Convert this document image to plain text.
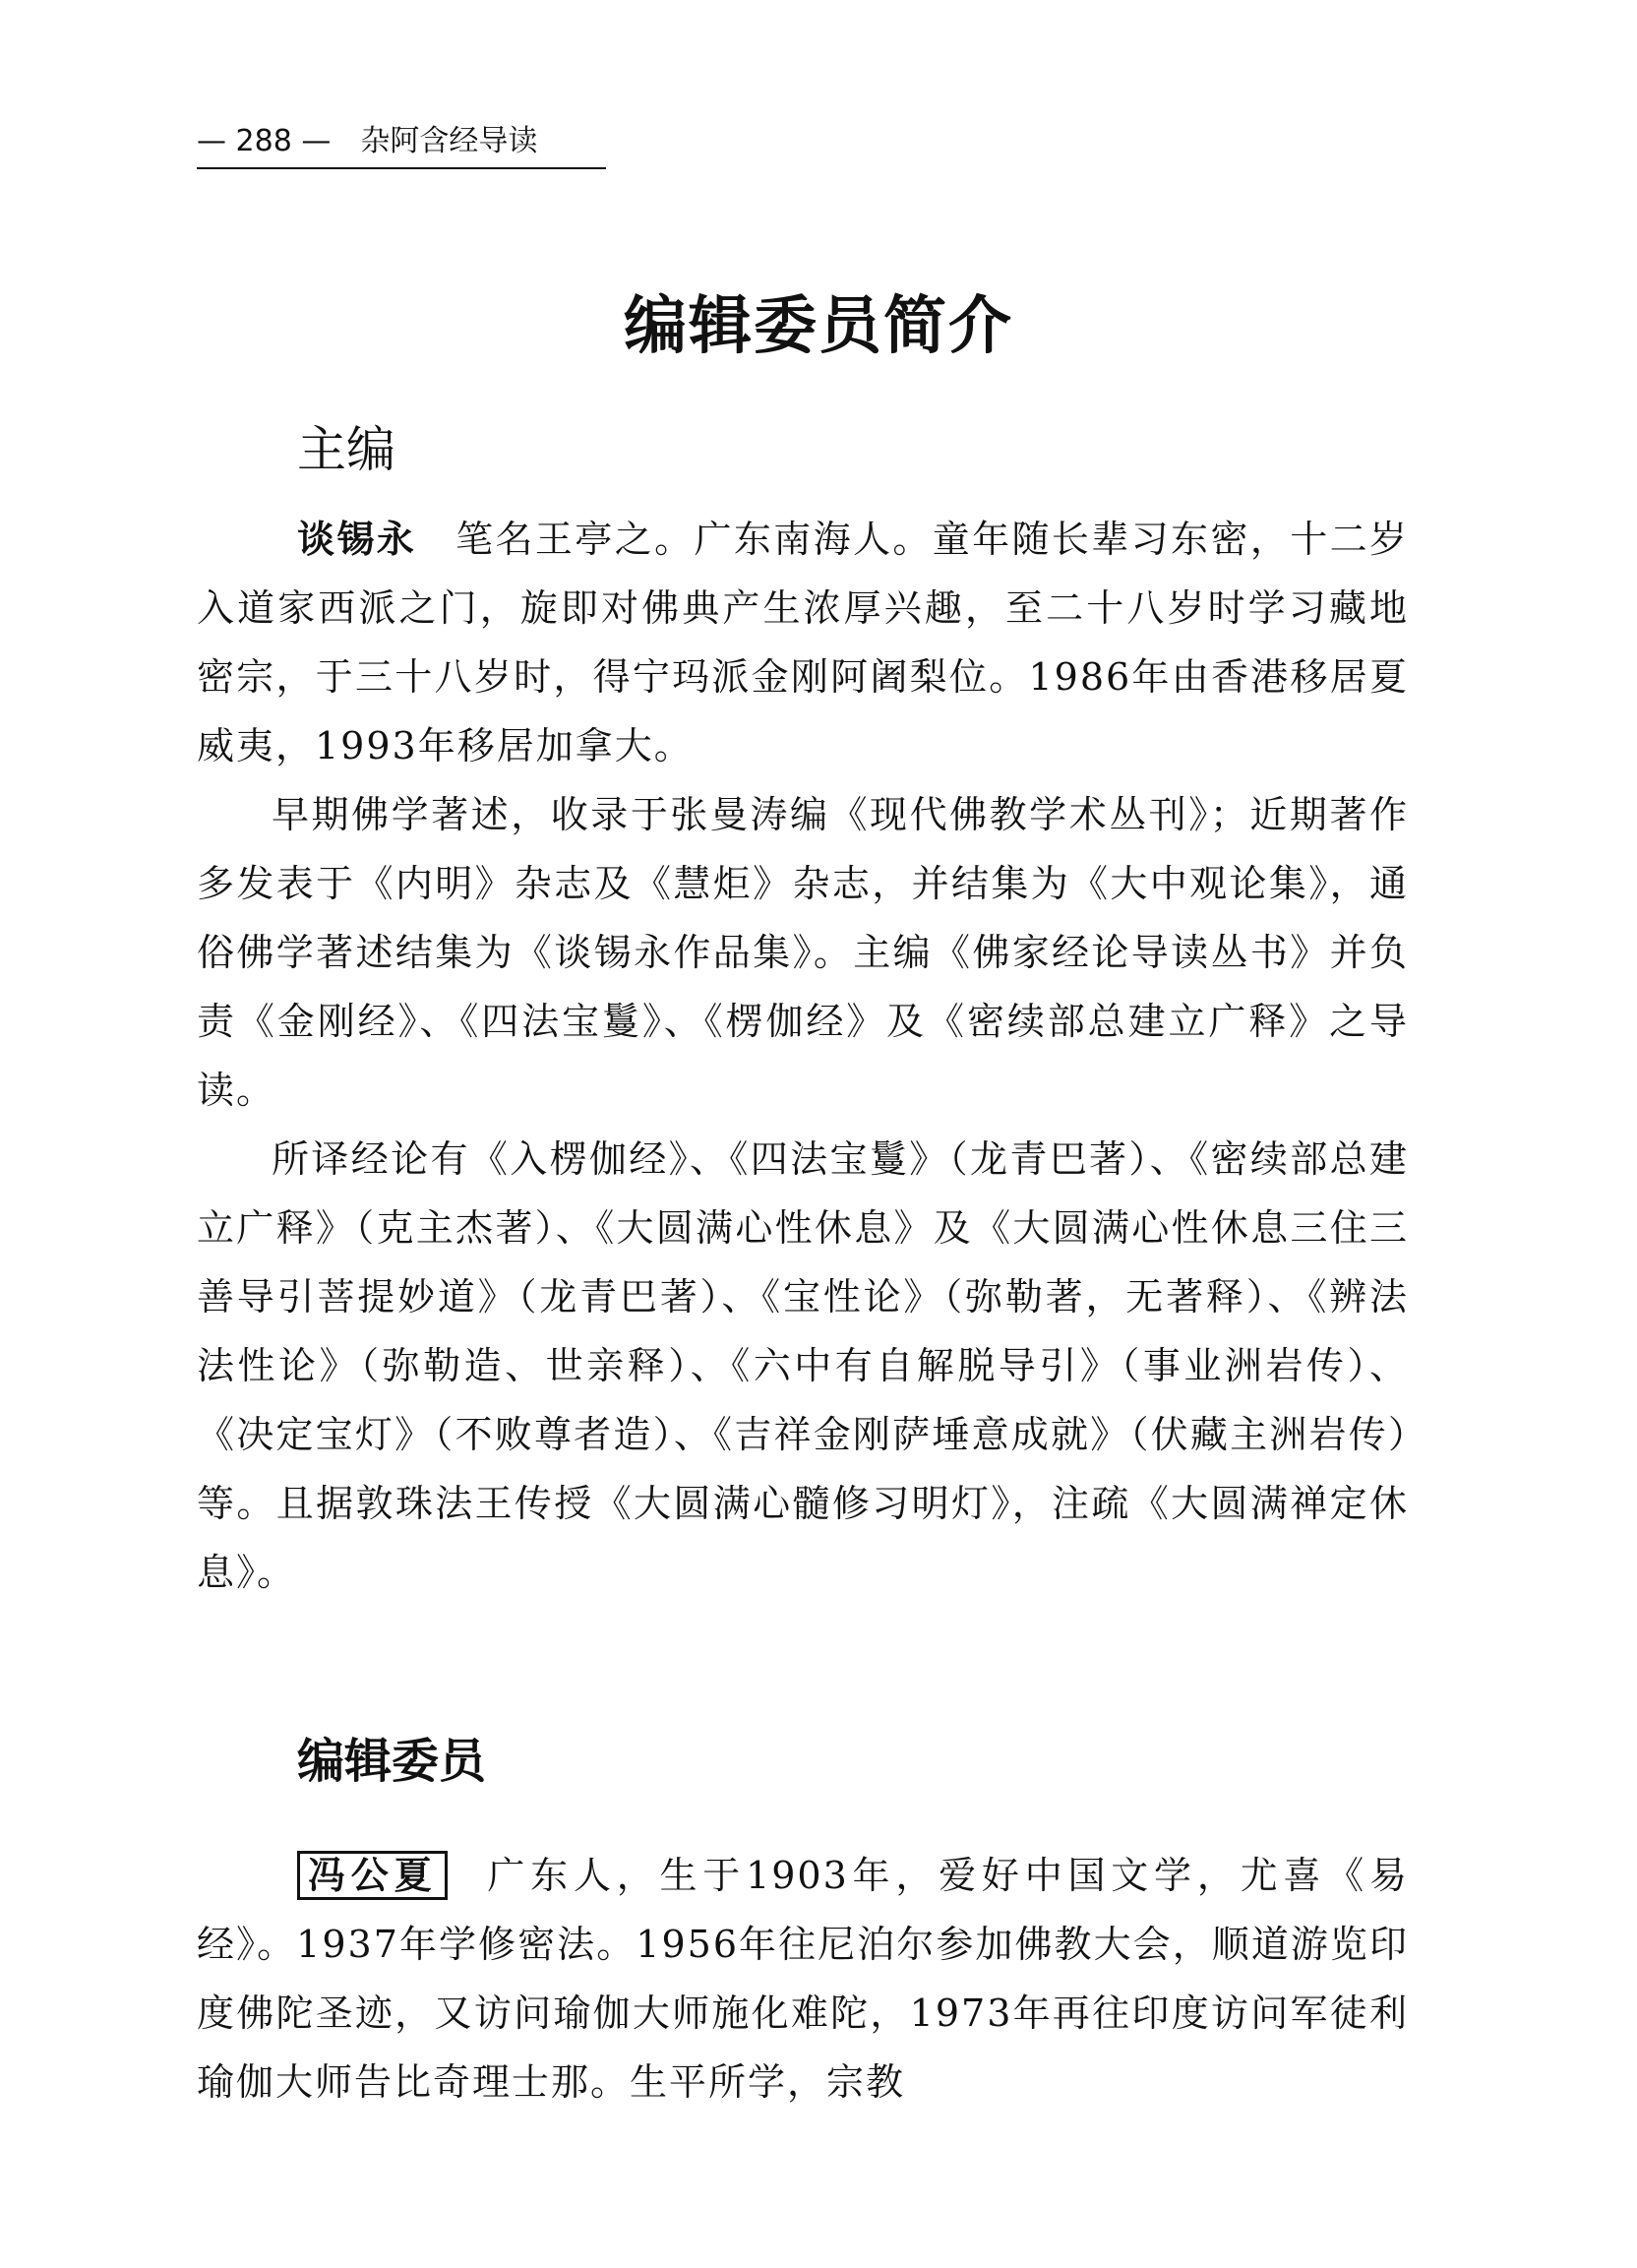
— 288 — 杂阿含经导读
编辑委员简介
主编

谈锡永 笔名王亭之。广东南海人。童年随长辈习东密，十二岁入道家西派之门，旋即对佛典产生浓厚兴趣，至二十八岁时学习藏地密宗，于三十八岁时，得宁玛派金刚阿阇梨位。1986年由香港移居夏威夷，1993年移居加拿大。

早期佛学著述，收录于张曼涛编《现代佛教学术丛刊》；近期著作多发表于《内明》杂志及《慧炬》杂志，并结集为《大中观论集》，通俗佛学著述结集为《谈锡永作品集》。主编《佛家经论导读丛书》并负责《金刚经》、《四法宝鬘》、《楞伽经》及《密续部总建立广释》之导读。

所译经论有《入楞伽经》、《四法宝鬘》（龙青巴著）、《密续部总建立广释》（克主杰著）、《大圆满心性休息》及《大圆满心性休息三住三善导引菩提妙道》（龙青巴著）、《宝性论》（弥勒著，无著释）、《辨法法性论》（弥勒造、世亲释）、《六中有自解脱导引》（事业洲岩传）、《决定宝灯》（不败尊者造）、《吉祥金刚萨埵意成就》（伏藏主洲岩传）等。且据敦珠法王传授《大圆满心髓修习明灯》，注疏《大圆满禅定休息》。

编辑委员

冯公夏 广东人，生于1903年，爱好中国文学，尤喜《易经》。1937年学修密法。1956年往尼泊尔参加佛教大会，顺道游览印度佛陀圣迹，又访问瑜伽大师施化难陀，1973年再往印度访问军徒利瑜伽大师告比奇理士那。生平所学，宗教
